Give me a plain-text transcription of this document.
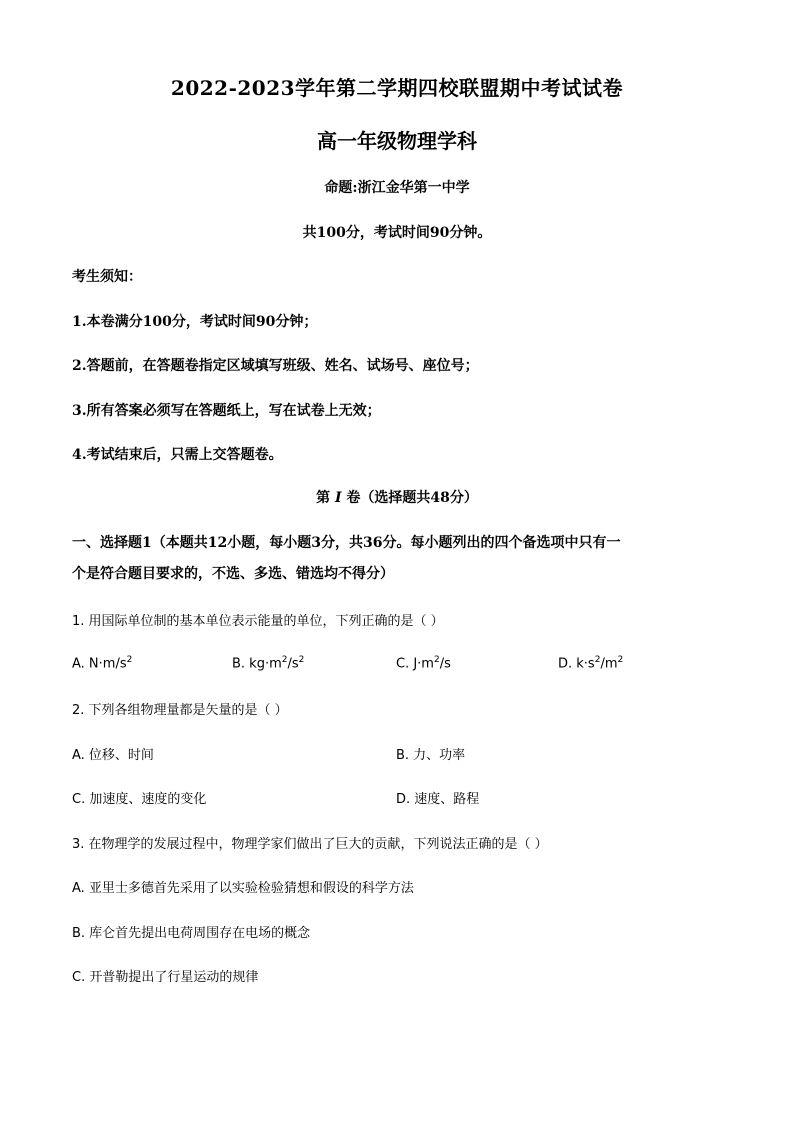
2022-2023学年第二学期四校联盟期中考试试卷
高一年级物理学科
命题:浙江金华第一中学
共100分，考试时间90分钟。
考生须知：
1.本卷满分100分，考试时间90分钟；
2.答题前，在答题卷指定区域填写班级、姓名、试场号、座位号；
3.所有答案必须写在答题纸上，写在试卷上无效；
4.考试结束后，只需上交答题卷。
第 I 卷（选择题共48分）
一、选择题1（本题共12小题，每小题3分，共36分。每小题列出的四个备选项中只有一
个是符合题目要求的，不选、多选、错选均不得分）
1. 用国际单位制的基本单位表示能量的单位，下列正确的是（ ）
A. $N\cdot m/s^2$	B. $kg\cdot m^2/s^2$	C. $J\cdot m^2/s$	D. $k\cdot s^2/m^2$
2. 下列各组物理量都是矢量的是（ ）
A. 位移、时间	B. 力、功率
C. 加速度、速度的变化	D. 速度、路程
3. 在物理学的发展过程中，物理学家们做出了巨大的贡献，下列说法正确的是（ ）
A. 亚里士多德首先采用了以实验检验猜想和假设的科学方法
B. 库仑首先提出电荷周围存在电场的概念
C. 开普勒提出了行星运动的规律
